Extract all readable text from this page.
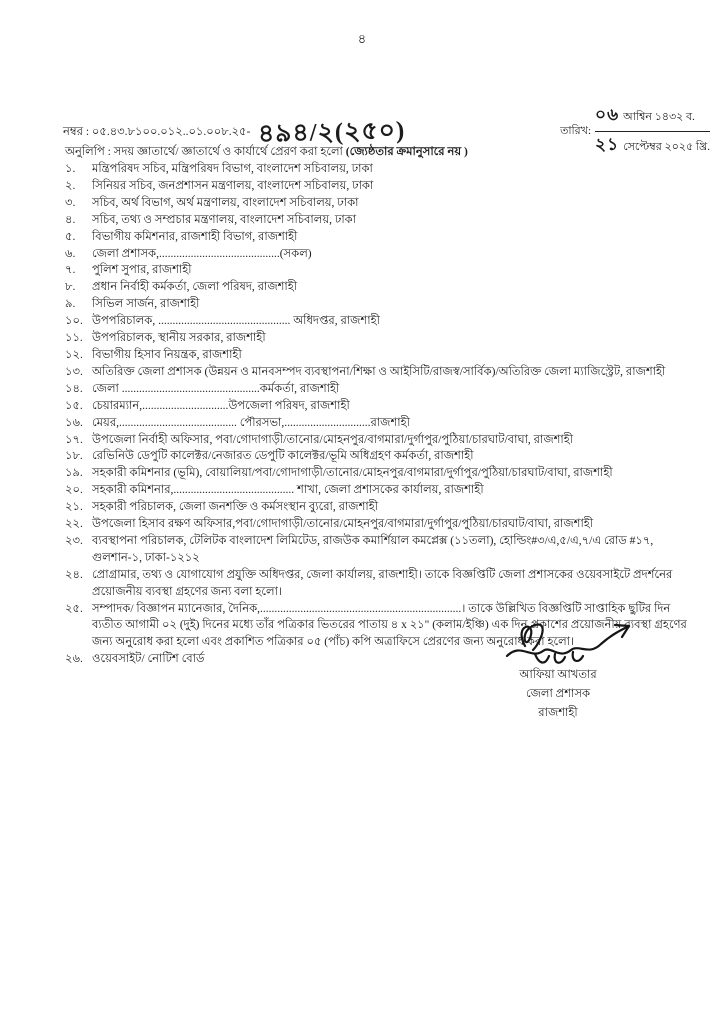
৪
নম্বর : ০৫.৪৩.৮১০০.০১২..০১.০০৮.২৫- ৪৯৪/২(২৫০)	তারিখ:
০৬ আশ্বিন ১৪৩২ ব.
২১ সেপ্টেম্বর ২০২৫ খ্রি.
অনুলিপি : সদয় জ্ঞাতার্থে/ জ্ঞাতার্থে ও কার্যার্থে প্রেরণ করা হলো (জ্যেষ্ঠতার ক্রমানুসারে নয় )
১.	মন্ত্রিপরিষদ সচিব, মন্ত্রিপরিষদ বিভাগ, বাংলাদেশ সচিবালয়, ঢাকা
২.	সিনিয়র সচিব, জনপ্রশাসন মন্ত্রণালয়, বাংলাদেশ সচিবালয়, ঢাকা
৩.	সচিব, অর্থ বিভাগ, অর্থ মন্ত্রণালয়, বাংলাদেশ সচিবালয়, ঢাকা
৪.	সচিব, তথ্য ও সম্প্রচার মন্ত্রণালয়, বাংলাদেশ সচিবালয়, ঢাকা
৫.	বিভাগীয় কমিশনার, রাজশাহী বিভাগ, রাজশাহী
৬.	জেলা প্রশাসক,..........................................(সকল)
৭.	পুলিশ সুপার, রাজশাহী
৮.	প্রধান নির্বাহী কর্মকর্তা, জেলা পরিষদ, রাজশাহী
৯.	সিভিল সার্জন, রাজশাহী
১০. উপপরিচালক, .............................................. অধিদপ্তর, রাজশাহী
১১. উপপরিচালক, স্থানীয় সরকার, রাজশাহী
১২. বিভাগীয় হিসাব নিয়ন্ত্রক, রাজশাহী
১৩. অতিরিক্ত জেলা প্রশাসক (উন্নয়ন ও মানবসম্পদ ব্যবস্থাপনা/শিক্ষা ও আইসিটি/রাজস্ব/সার্বিক)/অতিরিক্ত জেলা ম্যাজিস্ট্রেট, রাজশাহী
১৪. জেলা ................................................কর্মকর্তা, রাজশাহী
১৫. চেয়ারম্যান,..............................উপজেলা পরিষদ, রাজশাহী
১৬. মেয়র,......................................... পৌরসভা,..............................রাজশাহী
১৭. উপজেলা নির্বাহী অফিসার, পবা/গোদাগাড়ী/তানোর/মোহনপুর/বাগমারা/দুর্গাপুর/পুঠিয়া/চারঘাট/বাঘা, রাজশাহী
১৮. রেভিনিউ ডেপুটি কালেক্টর/নেজারত ডেপুটি কালেক্টর/ভূমি অধিগ্রহণ কর্মকর্তা, রাজশাহী
১৯. সহকারী কমিশনার (ভূমি), বোয়ালিয়া/পবা/গোদাগাড়ী/তানোর/মোহনপুর/বাগমারা/দুর্গাপুর/পুঠিয়া/চারঘাট/বাঘা, রাজশাহী
২০. সহকারী কমিশনার,.......................................... শাখা, জেলা প্রশাসকের কার্যালয়, রাজশাহী
২১. সহকারী পরিচালক, জেলা জনশক্তি ও কর্মসংস্থান ব্যুরো, রাজশাহী
২২. উপজেলা হিসাব রক্ষণ অফিসার,পবা/গোদাগাড়ী/তানোর/মোহনপুর/বাগমারা/দুর্গাপুর/পুঠিয়া/চারঘাট/বাঘা, রাজশাহী
২৩. ব্যবস্থাপনা পরিচালক, টেলিটক বাংলাদেশ লিমিটেড, রাজউক কমার্শিয়াল কমপ্লেক্স (১১তলা), হোল্ডিং#৩/এ,৫/এ,৭/এ রোড #১৭, গুলশান-১, ঢাকা-১২১২
২৪. প্রোগ্রামার, তথ্য ও যোগাযোগ প্রযুক্তি অধিদপ্তর, জেলা কার্যালয়, রাজশাহী। তাকে বিজ্ঞপ্তিটি জেলা প্রশাসকের ওয়েবসাইটে প্রদর্শনের প্রয়োজনীয় ব্যবস্থা গ্রহণের জন্য বলা হলো।
২৫. সম্পাদক/ বিজ্ঞাপন ম্যানেজার, দৈনিক,......................................................................। তাকে উল্লিখিত বিজ্ঞপ্তিটি সাপ্তাহিক ছুটির দিন ব্যতীত আগামী ০২ (দুই) দিনের মধ্যে তাঁর পত্রিকার ভিতরের পাতায় ৪ x ২১" (কলাম/ইঞ্চি) এক দিন প্রকাশের প্রয়োজনীয় ব্যবস্থা গ্রহণের জন্য অনুরোধ করা হলো এবং প্রকাশিত পত্রিকার ০৫ (পাঁচ) কপি অত্রাফিসে প্রেরণের জন্য অনুরোধ করা হলো।
২৬. ওয়েবসাইট/ নোটিশ বোর্ড
আফিয়া আখতার
জেলা প্রশাসক
রাজশাহী
